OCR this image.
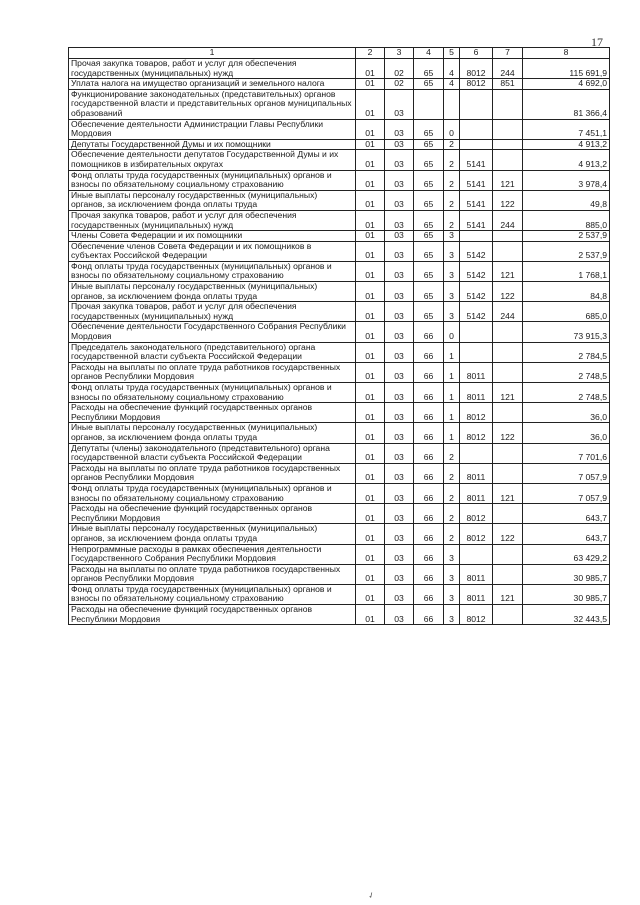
17
1	2	3	4	5	6	7	8
Прочая закупка товаров, работ и услуг для обеспечения государственных (муниципальных) нужд	01	02	65	4	8012	244	115 691,9
Уплата налога на имущество организаций и земельного налога	01	02	65	4	8012	851	4 692,0
Функционирование законодательных (представительных) органов государственной власти и представительных органов муниципальных образований	01	03					81 366,4
Обеспечение деятельности Администрации Главы Республики Мордовия	01	03	65	0			7 451,1
Депутаты Государственной Думы и их помощники	01	03	65	2			4 913,2
Обеспечение деятельности депутатов Государственной Думы и их помощников в избирательных округах	01	03	65	2	5141		4 913,2
Фонд оплаты труда государственных (муниципальных) органов и взносы по обязательному социальному страхованию	01	03	65	2	5141	121	3 978,4
Иные выплаты персоналу государственных (муниципальных) органов, за исключением фонда оплаты труда	01	03	65	2	5141	122	49,8
Прочая закупка товаров, работ и услуг для обеспечения государственных (муниципальных) нужд	01	03	65	2	5141	244	885,0
Члены Совета Федерации и их помощники	01	03	65	3			2 537,9
Обеспечение членов Совета Федерации и их помощников в субъектах Российской Федерации	01	03	65	3	5142		2 537,9
Фонд оплаты труда государственных (муниципальных) органов и взносы по обязательному социальному страхованию	01	03	65	3	5142	121	1 768,1
Иные выплаты персоналу государственных (муниципальных) органов, за исключением фонда оплаты труда	01	03	65	3	5142	122	84,8
Прочая закупка товаров, работ и услуг для обеспечения государственных (муниципальных) нужд	01	03	65	3	5142	244	685,0
Обеспечение деятельности Государственного Собрания Республики Мордовия	01	03	66	0			73 915,3
Председатель законодательного (представительного) органа государственной власти субъекта Российской Федерации	01	03	66	1			2 784,5
Расходы на выплаты по оплате труда работников государственных органов Республики Мордовия	01	03	66	1	8011		2 748,5
Фонд оплаты труда государственных (муниципальных) органов и взносы по обязательному социальному страхованию	01	03	66	1	8011	121	2 748,5
Расходы на обеспечение функций государственных органов Республики Мордовия	01	03	66	1	8012		36,0
Иные выплаты персоналу государственных (муниципальных) органов, за исключением фонда оплаты труда	01	03	66	1	8012	122	36,0
Депутаты (члены) законодательного (представительного) органа государственной власти субъекта Российской Федерации	01	03	66	2			7 701,6
Расходы на выплаты по оплате труда работников государственных органов Республики Мордовия	01	03	66	2	8011		7 057,9
Фонд оплаты труда государственных (муниципальных) органов и взносы по обязательному социальному страхованию	01	03	66	2	8011	121	7 057,9
Расходы на обеспечение функций государственных органов Республики Мордовия	01	03	66	2	8012		643,7
Иные выплаты персоналу государственных (муниципальных) органов, за исключением фонда оплаты труда	01	03	66	2	8012	122	643,7
Непрограммные расходы в рамках обеспечения деятельности Государственного Собрания Республики Мордовия	01	03	66	3			63 429,2
Расходы на выплаты по оплате труда работников государственных органов Республики Мордовия	01	03	66	3	8011		30 985,7
Фонд оплаты труда государственных (муниципальных) органов и взносы по обязательному социальному страхованию	01	03	66	3	8011	121	30 985,7
Расходы на обеспечение функций государственных органов Республики Мордовия	01	03	66	3	8012		32 443,5
✓
